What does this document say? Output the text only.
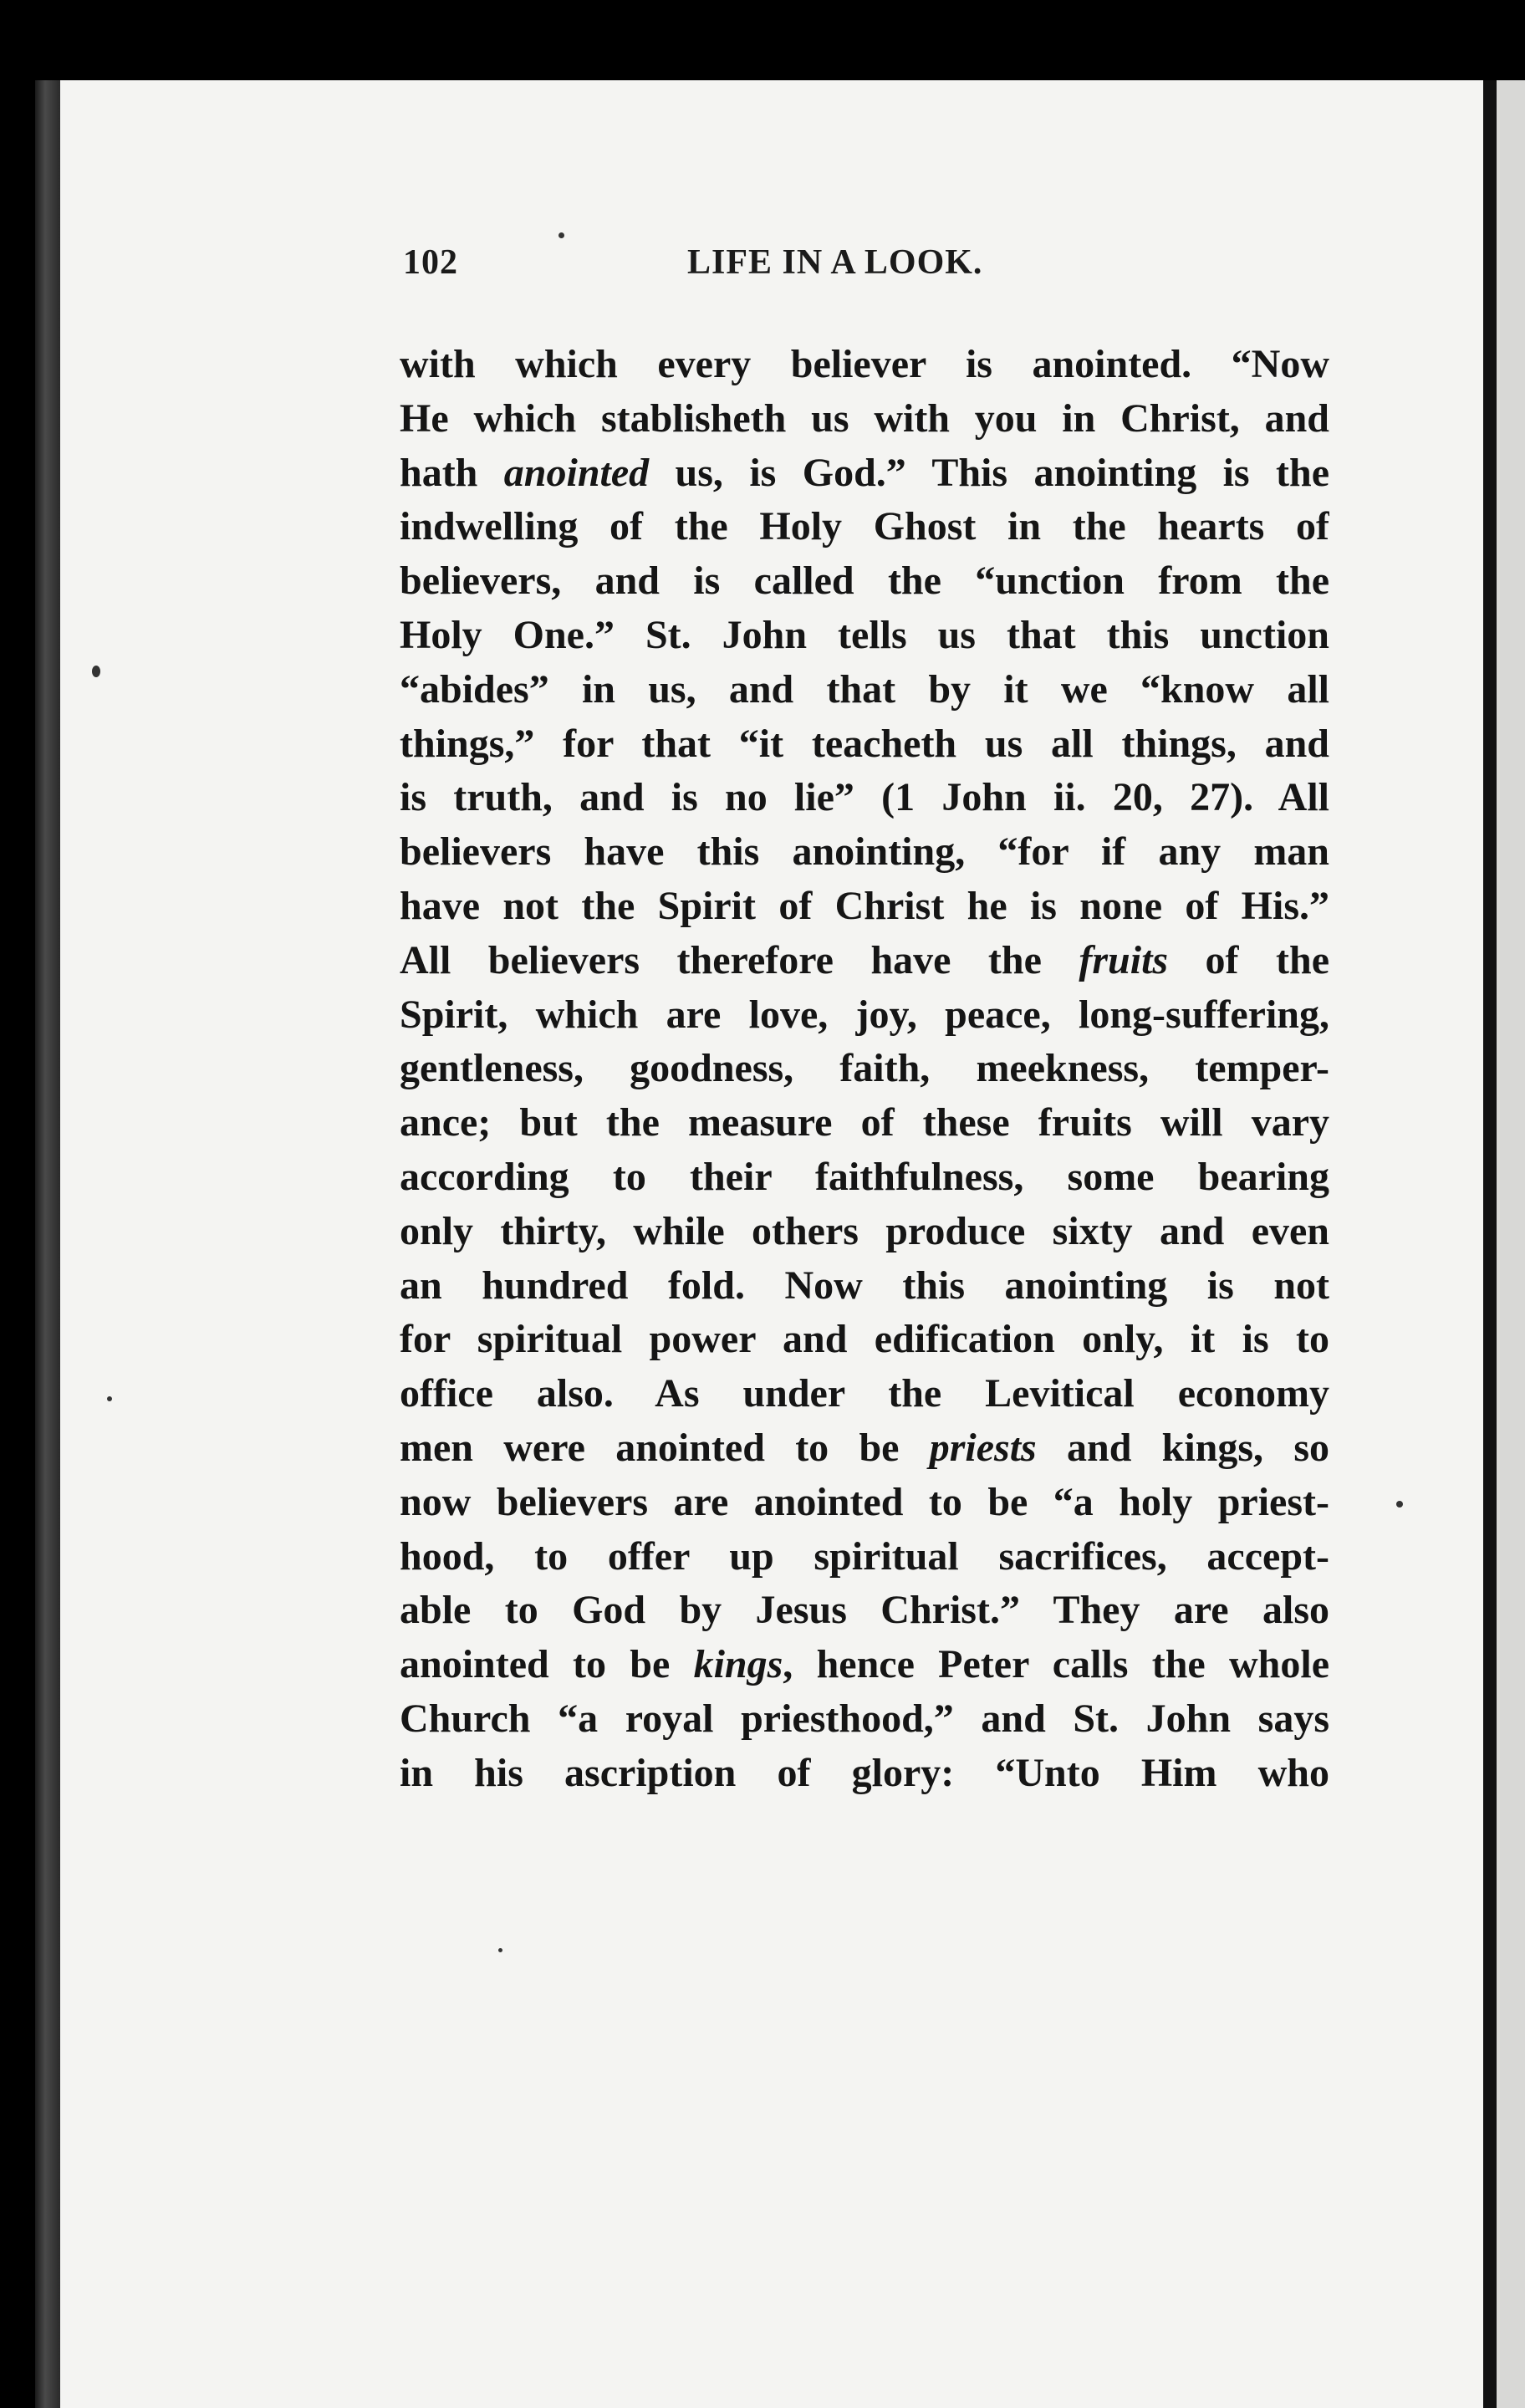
102	LIFE IN A LOOK.
with which every believer is anointed. “Now
He which stablisheth us with you in Christ, and
hath anointed us, is God.” This anointing is the
indwelling of the Holy Ghost in the hearts of
believers, and is called the “unction from the
Holy One.” St. John tells us that this unction
“abides” in us, and that by it we “know all
things,” for that “it teacheth us all things, and
is truth, and is no lie” (1 John ii. 20, 27). All
believers have this anointing, “for if any man
have not the Spirit of Christ he is none of His.”
All believers therefore have the fruits of the
Spirit, which are love, joy, peace, long-suffering,
gentleness, goodness, faith, meekness, temper-
ance; but the measure of these fruits will vary
according to their faithfulness, some bearing
only thirty, while others produce sixty and even
an hundred fold. Now this anointing is not
for spiritual power and edification only, it is to
office also. As under the Levitical economy
men were anointed to be priests and kings, so
now believers are anointed to be “a holy priest-
hood, to offer up spiritual sacrifices, accept-
able to God by Jesus Christ.” They are also
anointed to be kings, hence Peter calls the whole
Church “a royal priesthood,” and St. John says
in his ascription of glory: “Unto Him who
